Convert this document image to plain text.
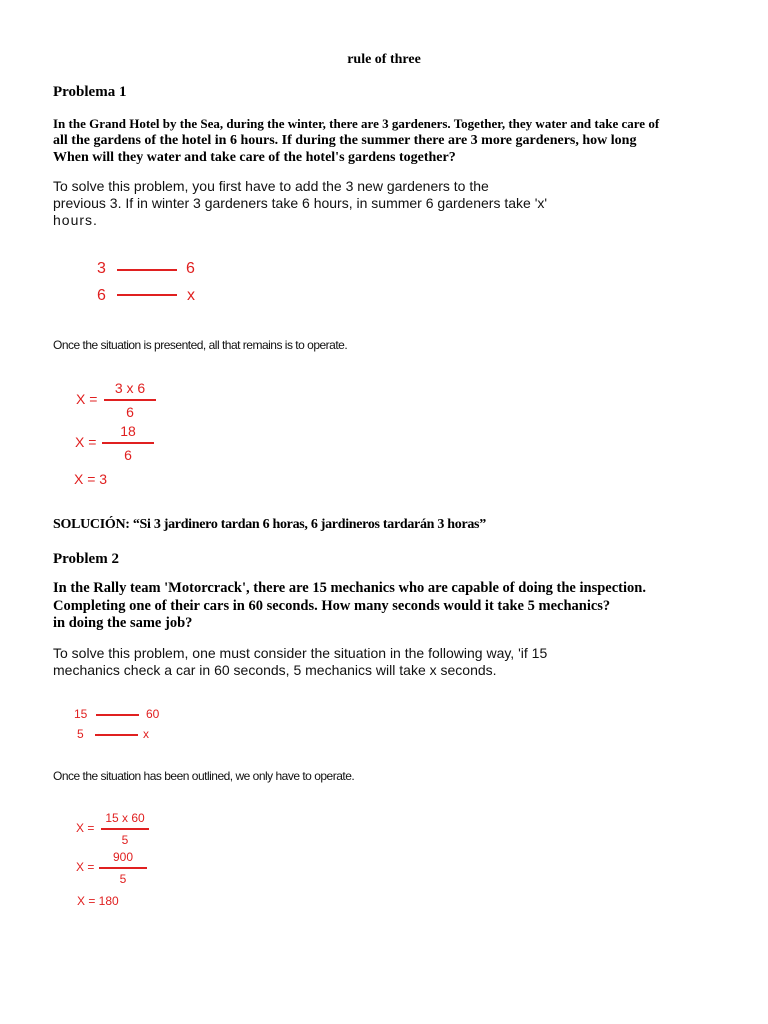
rule of three
Problema 1
In the Grand Hotel by the Sea, during the winter, there are 3 gardeners. Together, they water and take care of
all the gardens of the hotel in 6 hours. If during the summer there are 3 more gardeners, how long
When will they water and take care of the hotel's gardens together?
To solve this problem, you first have to add the 3 new gardeners to the
previous 3. If in winter 3 gardeners take 6 hours, in summer 6 gardeners take 'x'
hours.
3	6
6	x
Once the situation is presented, all that remains is to operate.
X =
3 x 6
6
X =
18
6
X = 3
SOLUCIÓN: “Si 3 jardinero tardan 6 horas, 6 jardineros tardarán 3 horas”
Problem 2
In the Rally team 'Motorcrack', there are 15 mechanics who are capable of doing the inspection.
Completing one of their cars in 60 seconds. How many seconds would it take 5 mechanics?
in doing the same job?
To solve this problem, one must consider the situation in the following way, 'if 15
mechanics check a car in 60 seconds, 5 mechanics will take x seconds.
15	60
5	x
Once the situation has been outlined, we only have to operate.
X =
15 x 60
5
X =
900
5
X = 180
